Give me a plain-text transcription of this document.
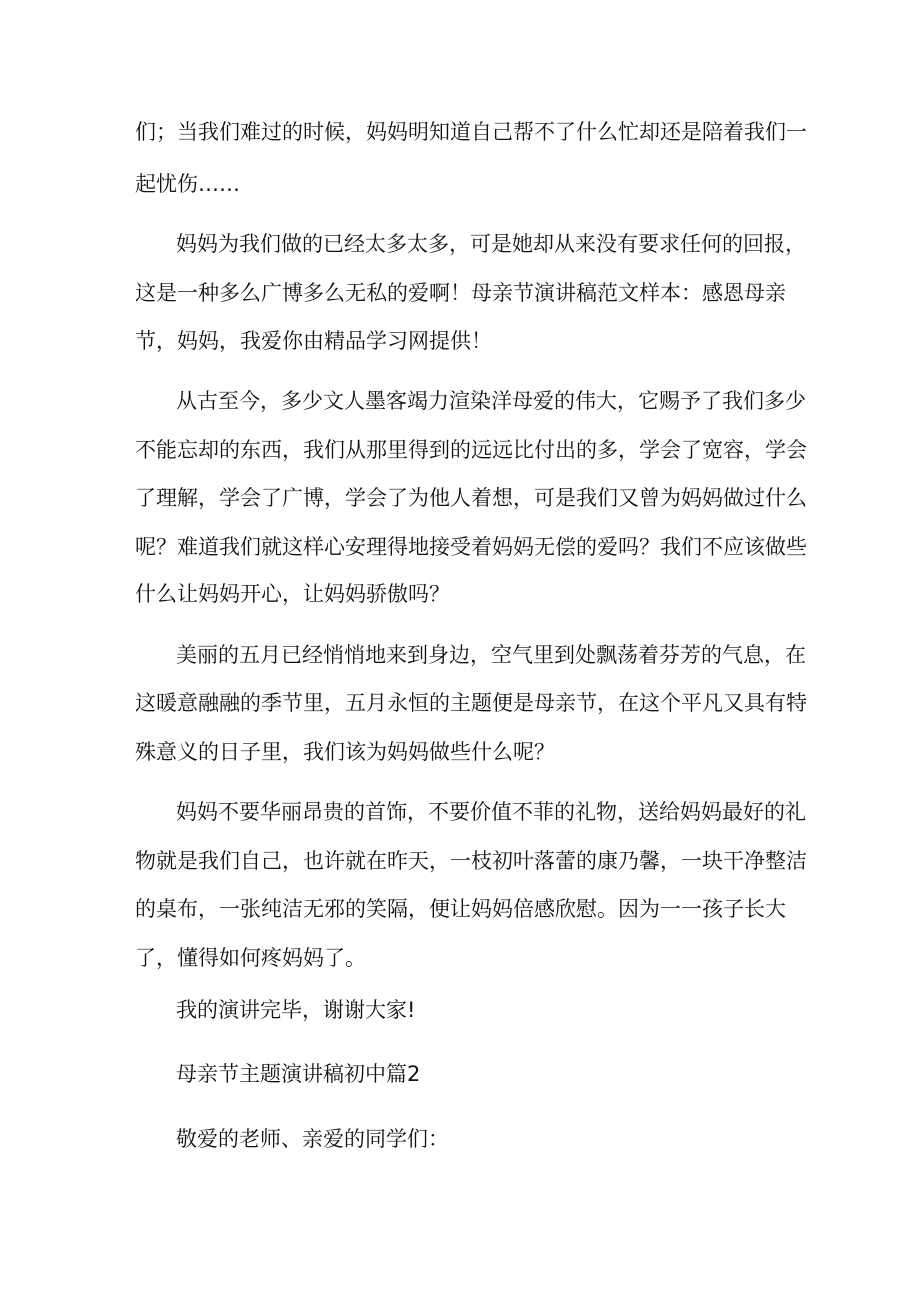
们；当我们难过的时候，妈妈明知道自己帮不了什么忙却还是陪着我们一
起忧伤……
妈妈为我们做的已经太多太多，可是她却从来没有要求任何的回报，
这是一种多么广博多么无私的爱啊！母亲节演讲稿范文样本：感恩母亲
节，妈妈，我爱你由精品学习网提供！
从古至今，多少文人墨客竭力渲染洋母爱的伟大，它赐予了我们多少
不能忘却的东西，我们从那里得到的远远比付出的多，学会了宽容，学会
了理解，学会了广博，学会了为他人着想，可是我们又曾为妈妈做过什么
呢？难道我们就这样心安理得地接受着妈妈无偿的爱吗？我们不应该做些
什么让妈妈开心，让妈妈骄傲吗？
美丽的五月已经悄悄地来到身边，空气里到处飘荡着芬芳的气息，在
这暖意融融的季节里，五月永恒的主题便是母亲节，在这个平凡又具有特
殊意义的日子里，我们该为妈妈做些什么呢？
妈妈不要华丽昂贵的首饰，不要价值不菲的礼物，送给妈妈最好的礼
物就是我们自己，也许就在昨天，一枝初叶落蕾的康乃馨，一块干净整洁
的桌布，一张纯洁无邪的笑隔，便让妈妈倍感欣慰。因为一一孩子长大
了，懂得如何疼妈妈了。
我的演讲完毕，谢谢大家!
母亲节主题演讲稿初中篇2
敬爱的老师、亲爱的同学们：
